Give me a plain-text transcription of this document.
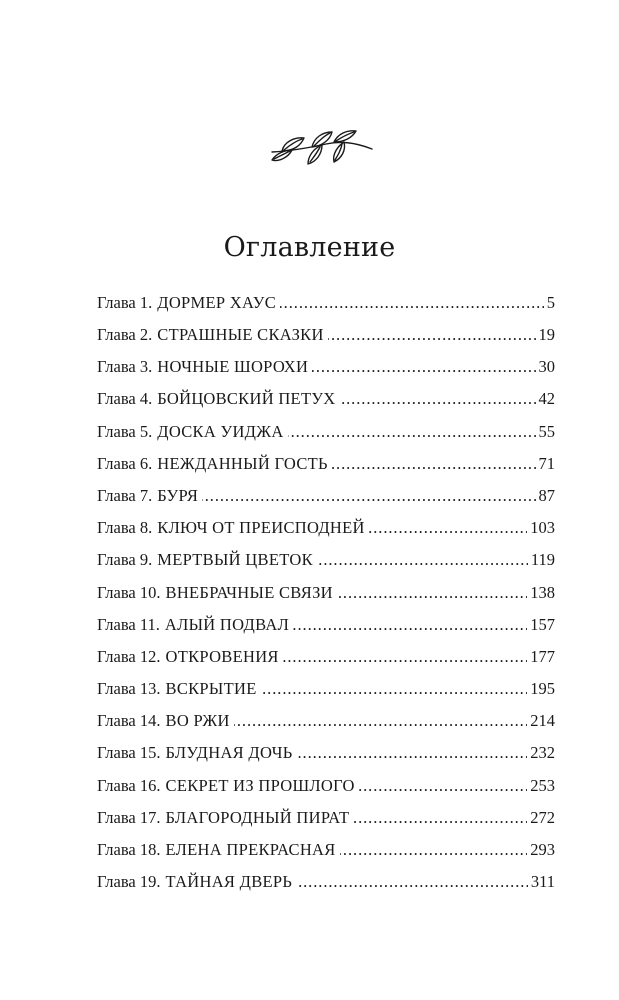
Оглавление
Глава 1. ДОРМЕР ХАУС . . .	5
Глава 2. СТРАШНЫЕ СКАЗКИ . . .	19
Глава 3. НОЧНЫЕ ШОРОХИ . . .	30
Глава 4. БОЙЦОВСКИЙ ПЕТУХ . . .	42
Глава 5. ДОСКА УИДЖА . . .	55
Глава 6. НЕЖДАННЫЙ ГОСТЬ . . .	71
Глава 7. БУРЯ . . .	87
Глава 8. КЛЮЧ ОТ ПРЕИСПОДНЕЙ . . .	103
Глава 9. МЕРТВЫЙ ЦВЕТОК . . .	119
Глава 10. ВНЕБРАЧНЫЕ СВЯЗИ . . .	138
Глава 11. АЛЫЙ ПОДВАЛ . . .	157
Глава 12. ОТКРОВЕНИЯ . . .	177
Глава 13. ВСКРЫТИЕ . . .	195
Глава 14. ВО РЖИ . . .	214
Глава 15. БЛУДНАЯ ДОЧЬ . . .	232
Глава 16. СЕКРЕТ ИЗ ПРОШЛОГО . . .	253
Глава 17. БЛАГОРОДНЫЙ ПИРАТ . . .	272
Глава 18. ЕЛЕНА ПРЕКРАСНАЯ . . .	293
Глава 19. ТАЙНАЯ ДВЕРЬ . . .	311
